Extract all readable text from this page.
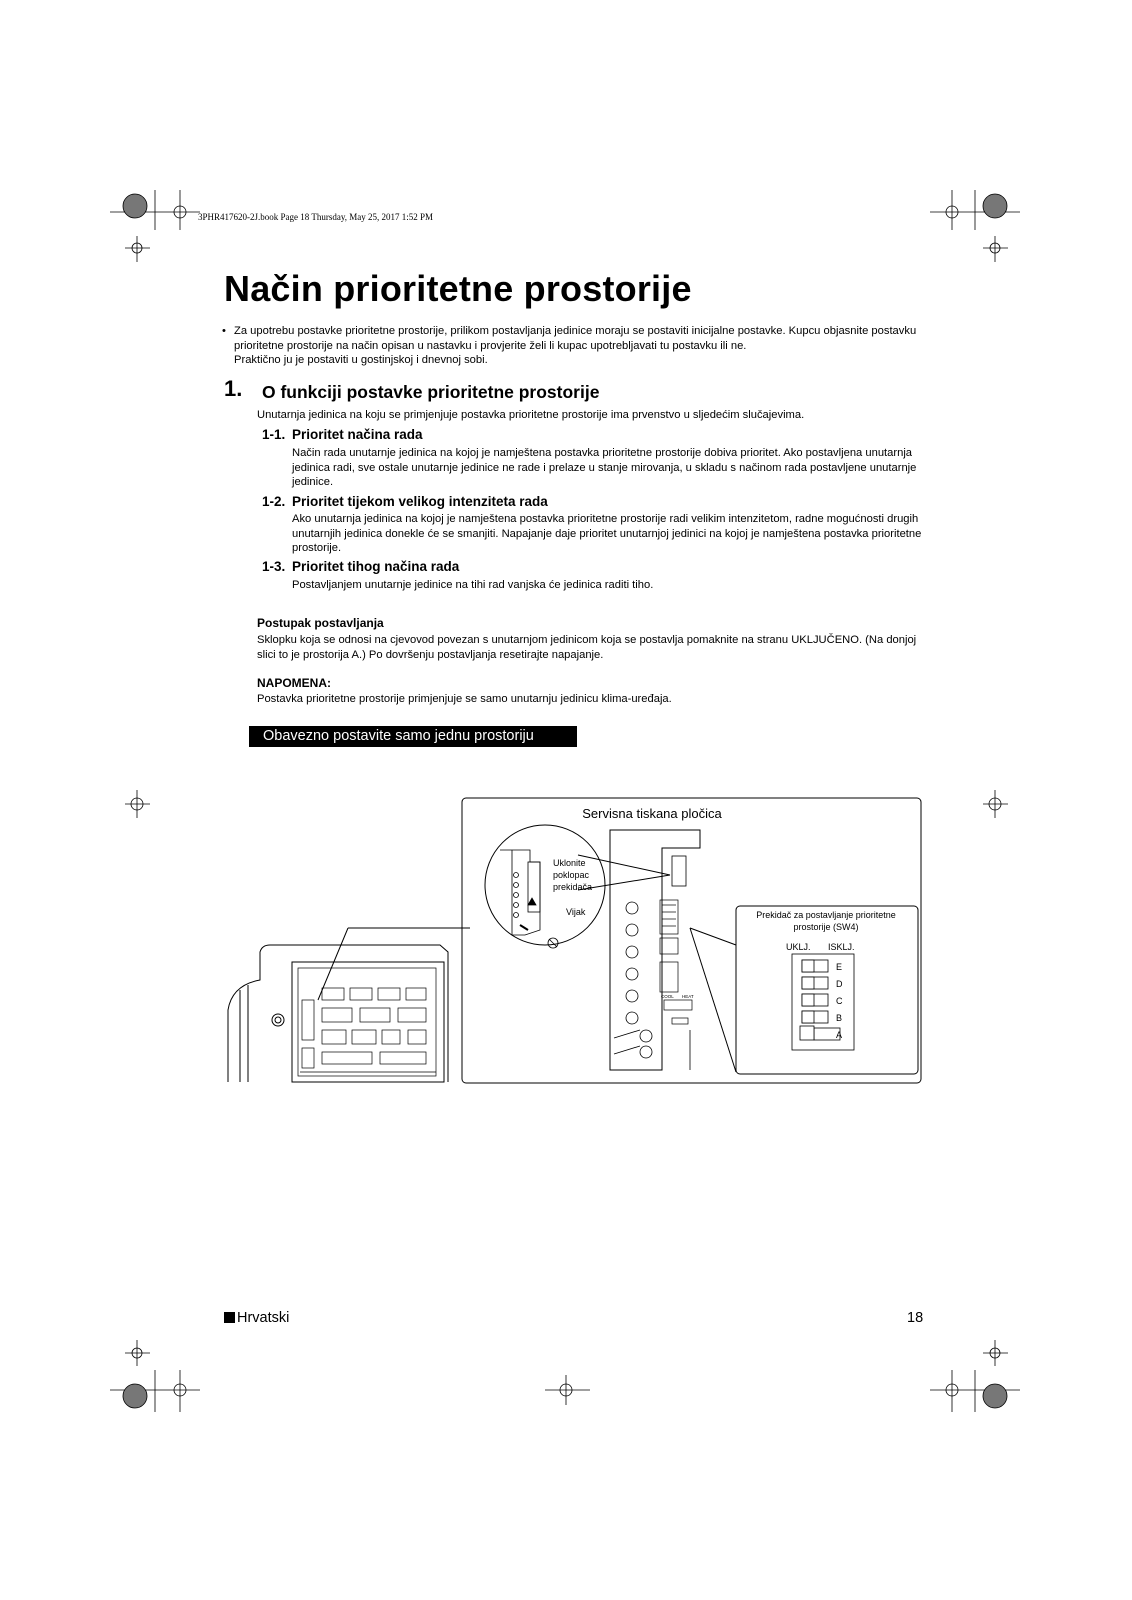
3PHR417620-2J.book Page 18 Thursday, May 25, 2017 1:52 PM
Način prioritetne prostorije
• Za upotrebu postavke prioritetne prostorije, prilikom postavljanja jedinice moraju se postaviti inicijalne postavke. Kupcu objasnite postavku prioritetne prostorije na način opisan u nastavku i provjerite želi li kupac upotrebljavati tu postavku ili ne.
Praktično ju je postaviti u gostinjskoj i dnevnoj sobi.
1. O funkciji postavke prioritetne prostorije
Unutarnja jedinica na koju se primjenjuje postavka prioritetne prostorije ima prvenstvo u sljedećim slučajevima.
1-1. Prioritet načina rada
Način rada unutarnje jedinica na kojoj je namještena postavka prioritetne prostorije dobiva prioritet. Ako postavljena unutarnja jedinica radi, sve ostale unutarnje jedinice ne rade i prelaze u stanje mirovanja, u skladu s načinom rada postavljene unutarnje jedinice.
1-2. Prioritet tijekom velikog intenziteta rada
Ako unutarnja jedinica na kojoj je namještena postavka prioritetne prostorije radi velikim intenzitetom, radne mogućnosti drugih unutarnjih jedinica donekle će se smanjiti. Napajanje daje prioritet unutarnjoj jedinici na kojoj je namještena postavka prioritetne prostorije.
1-3. Prioritet tihog načina rada
Postavljanjem unutarnje jedinice na tihi rad vanjska će jedinica raditi tiho.
Postupak postavljanja
Sklopku koja se odnosi na cjevovod povezan s unutarnjom jedinicom koja se postavlja pomaknite na stranu UKLJUČENO. (Na donjoj slici to je prostorija A.) Po dovršenju postavljanja resetirajte napajanje.
NAPOMENA:
Postavka prioritetne prostorije primjenjuje se samo unutarnju jedinicu klima-uređaja.
Obavezno postavite samo jednu prostoriju
Servisna tiskana pločica
Uklonite
poklopac
prekidača
Vijak	Prekidač za postavljanje prioritetne
prostorije (SW4)
UKLJ. ISKLJ.
E
D
C
B
A
COOL HEAT
Hrvatski	18
